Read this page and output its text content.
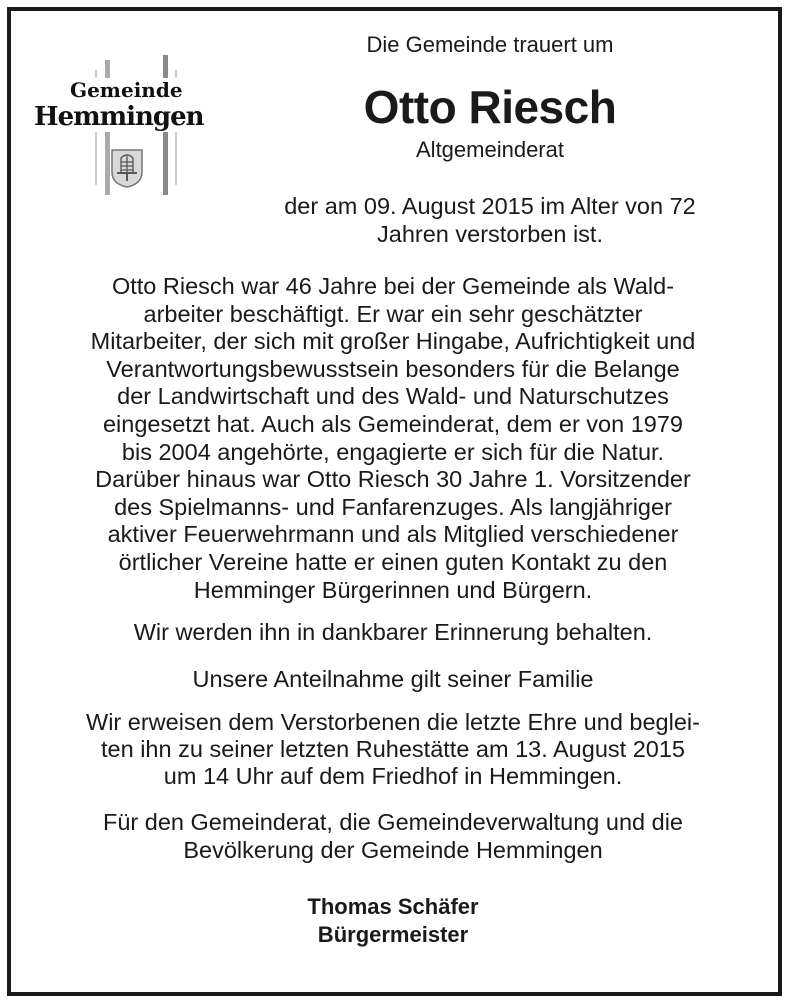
Gemeinde
Hemmingen
Die Gemeinde trauert um
Otto Riesch
Altgemeinderat
der am 09. August 2015 im Alter von 72
Jahren verstorben ist.
Otto Riesch war 46 Jahre bei der Gemeinde als Wald-
arbeiter beschäftigt. Er war ein sehr geschätzter
Mitarbeiter, der sich mit großer Hingabe, Aufrichtigkeit und
Verantwortungsbewusstsein besonders für die Belange
der Landwirtschaft und des Wald- und Naturschutzes
eingesetzt hat. Auch als Gemeinderat, dem er von 1979
bis 2004 angehörte, engagierte er sich für die Natur.
Darüber hinaus war Otto Riesch 30 Jahre 1. Vorsitzender
des Spielmanns- und Fanfarenzuges. Als langjähriger
aktiver Feuerwehrmann und als Mitglied verschiedener
örtlicher Vereine hatte er einen guten Kontakt zu den
Hemminger Bürgerinnen und Bürgern.
Wir werden ihn in dankbarer Erinnerung behalten.
Unsere Anteilnahme gilt seiner Familie
Wir erweisen dem Verstorbenen die letzte Ehre und beglei-
ten ihn zu seiner letzten Ruhestätte am 13. August 2015
um 14 Uhr auf dem Friedhof in Hemmingen.
Für den Gemeinderat, die Gemeindeverwaltung und die
Bevölkerung der Gemeinde Hemmingen
Thomas Schäfer
Bürgermeister
